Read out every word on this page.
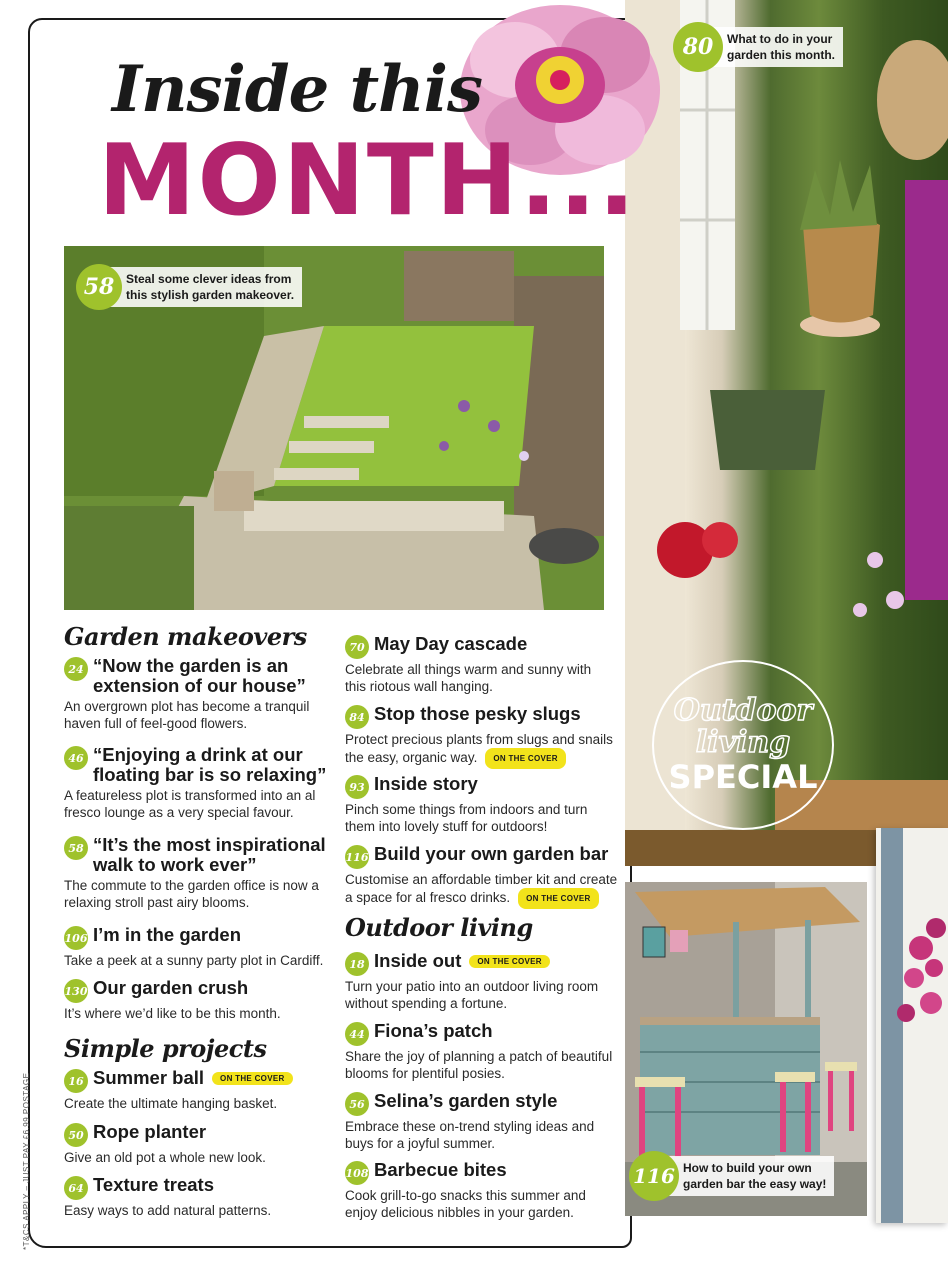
Outdoor
living
SPECIAL
80	What to do in your
garden this month.
116 How to build your own
garden bar the easy way!
Inside this
MONTH...
58 Steal some clever ideas from
this stylish garden makeover.
Garden makeovers
24 “Now the garden is an extension of our house”
An overgrown plot has become a tranquil haven full of feel-good flowers.
46 “Enjoying a drink at our floating bar is so relaxing”
A featureless plot is transformed into an al fresco lounge as a very special favour.
58 “It’s the most inspirational walk to work ever”
The commute to the garden office is now a relaxing stroll past airy blooms.
106 I’m in the garden
Take a peek at a sunny party plot in Cardiff.
130 Our garden crush
It’s where we’d like to be this month.
Simple projects
16 Summer ball	ON THE COVER
Create the ultimate hanging basket.
50 Rope planter
Give an old pot a whole new look.
64 Texture treats
Easy ways to add natural patterns.
70 May Day cascade
Celebrate all things warm and sunny with this riotous wall hanging.
84 Stop those pesky slugs
Protect precious plants from slugs and snails the easy, organic way. ON THE COVER
93 Inside story
Pinch some things from indoors and turn them into lovely stuff for outdoors!
116 Build your own garden bar
Customise an affordable timber kit and create a space for al fresco drinks. ON THE COVER
Outdoor living
18 Inside out	ON THE COVER
Turn your patio into an outdoor living room without spending a fortune.
44 Fiona’s patch
Share the joy of planning a patch of beautiful blooms for plentiful posies.
56 Selina’s garden style
Embrace these on-trend styling ideas and buys for a joyful summer.
108 Barbecue bites
Cook grill-to-go snacks this summer and enjoy delicious nibbles in your garden.
*T&CS APPLY – JUST PAY £6.99 POSTAGE
